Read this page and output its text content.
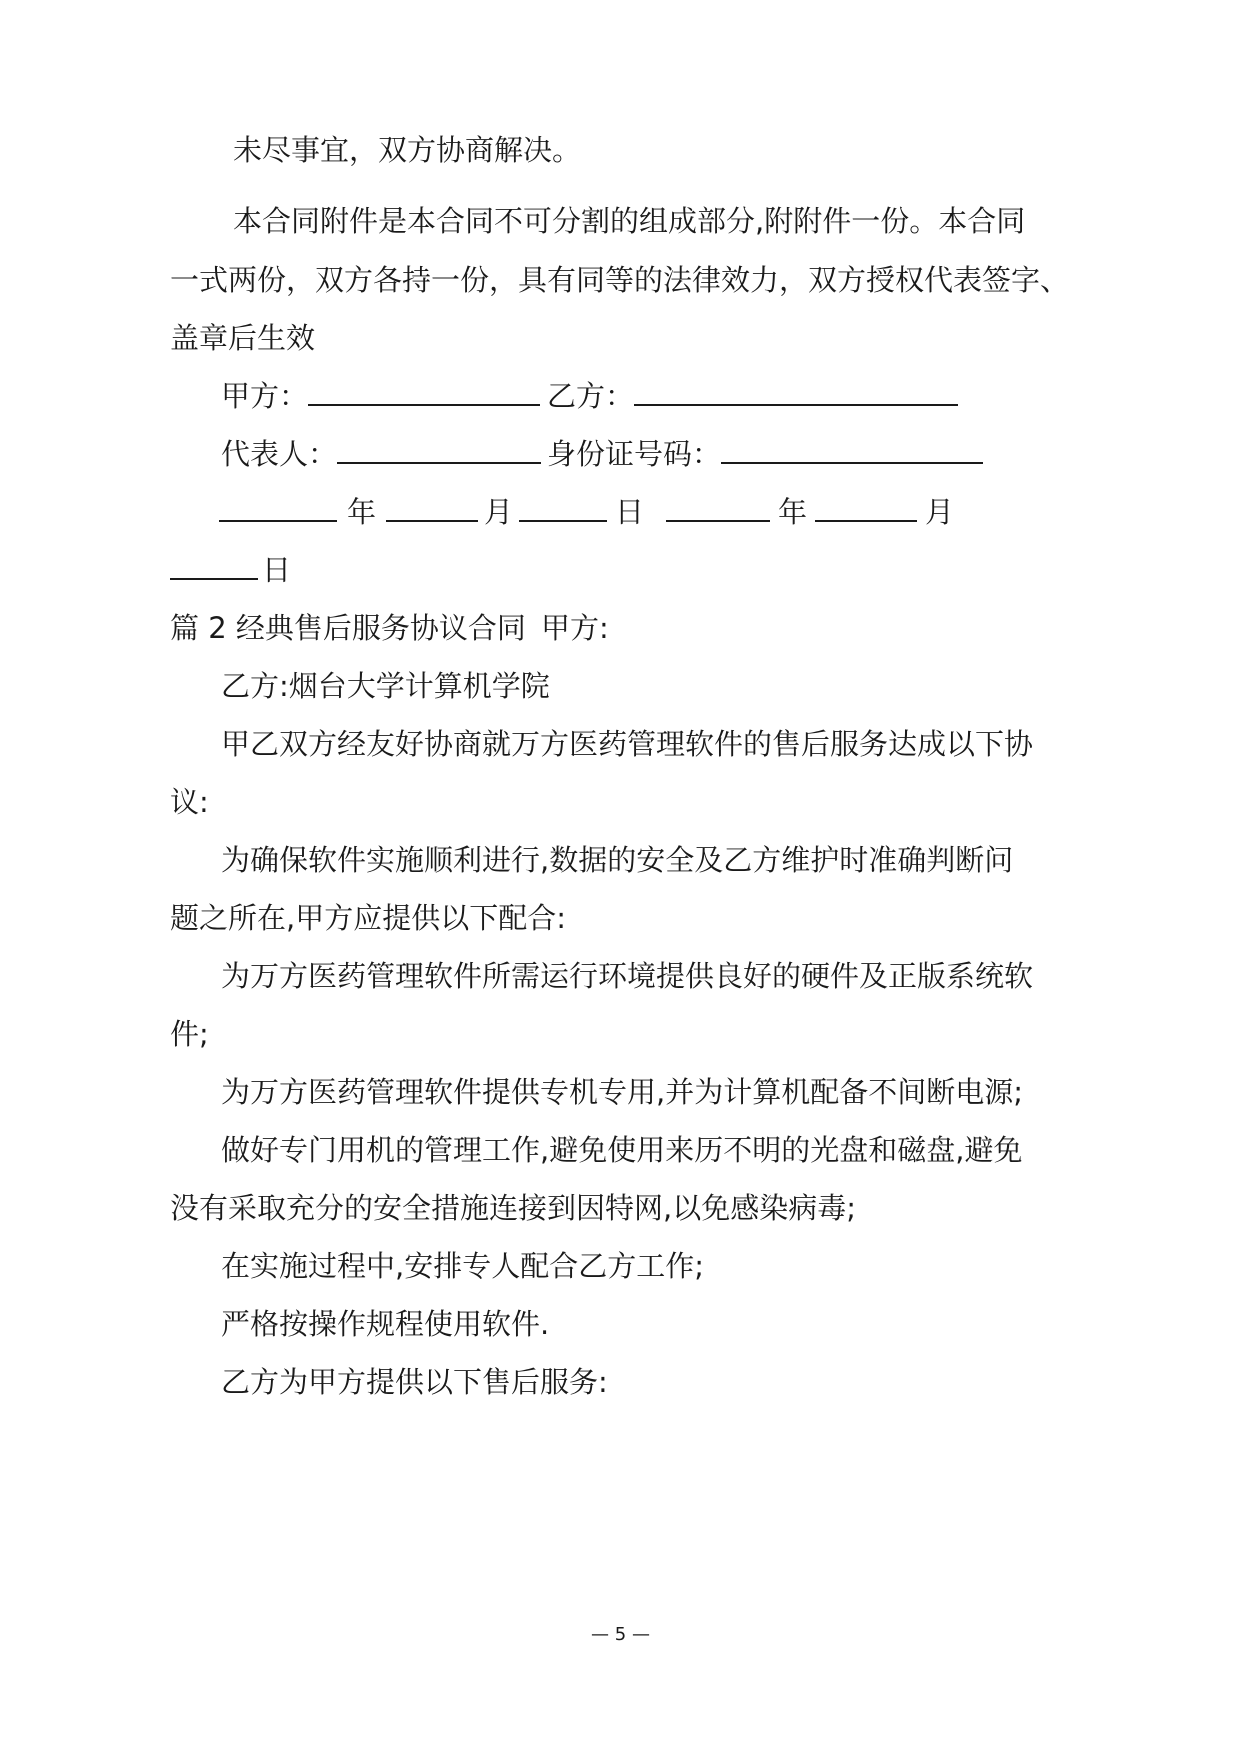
未尽事宜，双方协商解决。
本合同附件是本合同不可分割的组成部分,附附件一份。本合同
一式两份，双方各持一份，具有同等的法律效力，双方授权代表签字、
盖章后生效
甲方：	乙方：
代表人：	身份证号码：
年	月	日	年	月
日
篇 2 经典售后服务协议合同 甲方:
乙方:烟台大学计算机学院
甲乙双方经友好协商就万方医药管理软件的售后服务达成以下协
议:
为确保软件实施顺利进行,数据的安全及乙方维护时准确判断问
题之所在,甲方应提供以下配合:
为万方医药管理软件所需运行环境提供良好的硬件及正版系统软
件;
为万方医药管理软件提供专机专用,并为计算机配备不间断电源;
做好专门用机的管理工作,避免使用来历不明的光盘和磁盘,避免
没有采取充分的安全措施连接到因特网,以免感染病毒;
在实施过程中,安排专人配合乙方工作;
严格按操作规程使用软件.
乙方为甲方提供以下售后服务:
— 5 —
